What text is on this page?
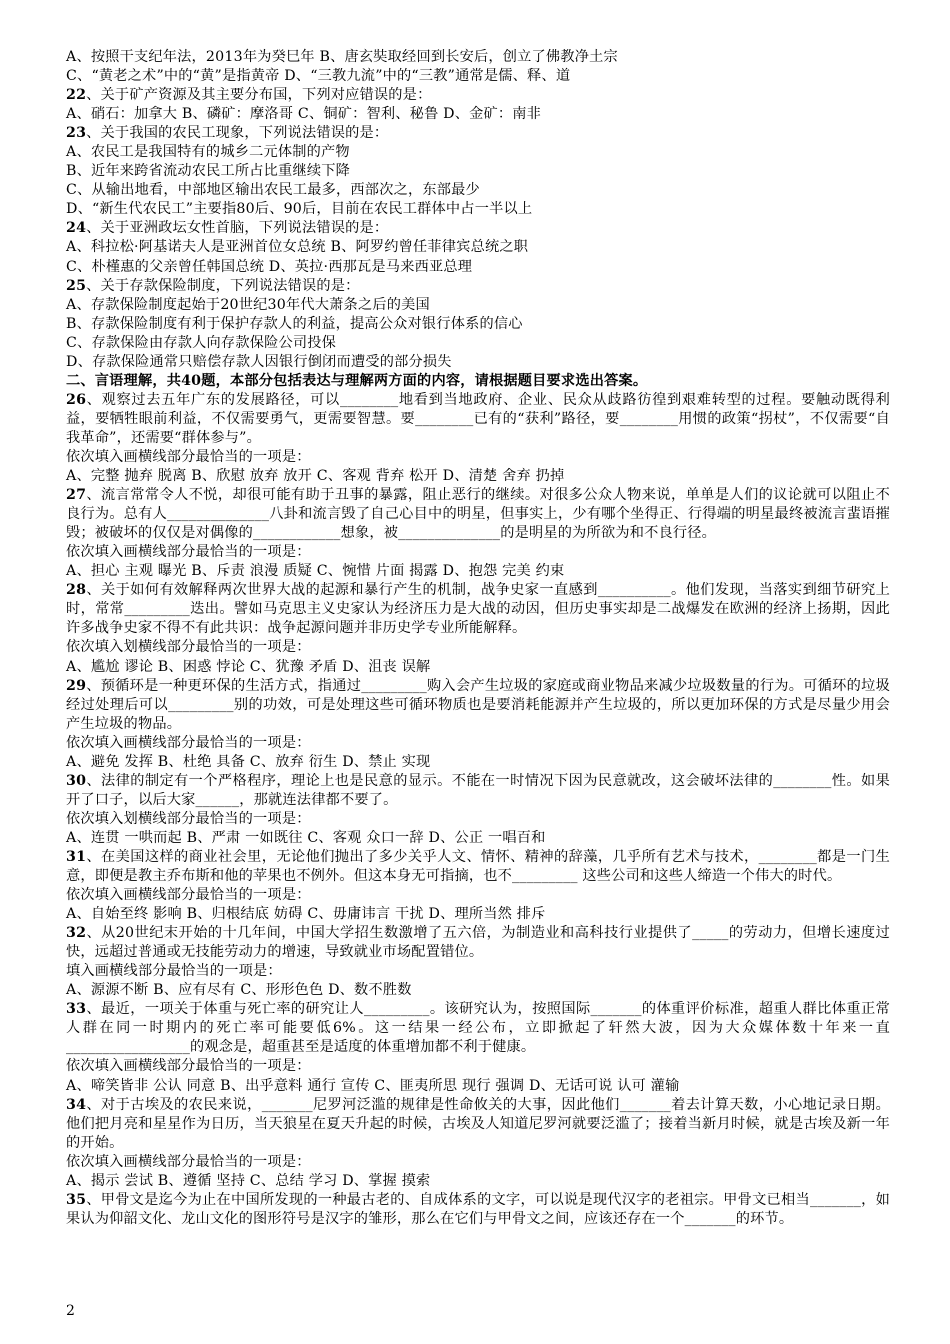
A、按照干支纪年法，2013年为癸巳年 B、唐玄奘取经回到长安后，创立了佛教净土宗
C、“黄老之术”中的“黄”是指黄帝 D、“三教九流”中的“三教”通常是儒、释、道
22、关于矿产资源及其主要分布国，下列对应错误的是：
A、硝石：加拿大 B、磷矿：摩洛哥 C、铜矿：智利、秘鲁 D、金矿：南非
23、关于我国的农民工现象，下列说法错误的是：
A、农民工是我国特有的城乡二元体制的产物
B、近年来跨省流动农民工所占比重继续下降
C、从输出地看，中部地区输出农民工最多，西部次之，东部最少
D、“新生代农民工”主要指80后、90后，目前在农民工群体中占一半以上
24、关于亚洲政坛女性首脑，下列说法错误的是：
A、科拉松·阿基诺夫人是亚洲首位女总统 B、阿罗约曾任菲律宾总统之职
C、朴槿惠的父亲曾任韩国总统 D、英拉·西那瓦是马来西亚总理
25、关于存款保险制度，下列说法错误的是：
A、存款保险制度起始于20世纪30年代大萧条之后的美国
B、存款保险制度有利于保护存款人的利益，提高公众对银行体系的信心
C、存款保险由存款人向存款保险公司投保
D、存款保险通常只赔偿存款人因银行倒闭而遭受的部分损失
二、言语理解，共40题，本部分包括表达与理解两方面的内容，请根据题目要求选出答案。
26、观察过去五年广东的发展路径，可以________地看到当地政府、企业、民众从歧路彷徨到艰难转型的过程。要触动既得利益，要牺牲眼前利益，不仅需要勇气，更需要智慧。要________已有的“获利”路径，要________用惯的政策“拐杖”，不仅需要“自我革命”，还需要“群体参与”。
依次填入画横线部分最恰当的一项是：
A、完整 抛弃 脱离 B、欣慰 放弃 放开 C、客观 背弃 松开 D、清楚 舍弃 扔掉
27、流言常常令人不悦，却很可能有助于丑事的暴露，阻止恶行的继续。对很多公众人物来说，单单是人们的议论就可以阻止不良行为。总有人______________八卦和流言毁了自己心目中的明星，但事实上，少有哪个坐得正、行得端的明星最终被流言蜚语摧毁；被破坏的仅仅是对偶像的____________想象，被______________的是明星的为所欲为和不良行径。
依次填入画横线部分最恰当的一项是：
A、担心 主观 曝光 B、斥责 浪漫 质疑 C、惋惜 片面 揭露 D、抱怨 完美 约束
28、关于如何有效解释两次世界大战的起源和暴行产生的机制，战争史家一直感到__________。他们发现，当落实到细节研究上时，常常_________迭出。譬如马克思主义史家认为经济压力是大战的动因，但历史事实却是二战爆发在欧洲的经济上扬期，因此许多战争史家不得不有此共识：战争起源问题并非历史学专业所能解释。
依次填入划横线部分最恰当的一项是：
A、尴尬 谬论 B、困惑 悖论 C、犹豫 矛盾 D、沮丧 误解
29、预循环是一种更环保的生活方式，指通过_________购入会产生垃圾的家庭或商业物品来减少垃圾数量的行为。可循环的垃圾经过处理后可以_________别的功效，可是处理这些可循环物质也是要消耗能源并产生垃圾的，所以更加环保的方式是尽量少用会产生垃圾的物品。
依次填入画横线部分最恰当的一项是：
A、避免 发挥 B、杜绝 具备 C、放弃 衍生 D、禁止 实现
30、法律的制定有一个严格程序，理论上也是民意的显示。不能在一时情况下因为民意就改，这会破坏法律的________性。如果开了口子，以后大家______，那就连法律都不要了。
依次填入划横线部分最恰当的一项是：
A、连贯 一哄而起 B、严肃 一如既往 C、客观 众口一辞 D、公正 一唱百和
31、在美国这样的商业社会里，无论他们抛出了多少关乎人文、情怀、精神的辞藻，几乎所有艺术与技术，________都是一门生意，即便是教主乔布斯和他的苹果也不例外。但这本身无可指摘，也不_________ 这些公司和这些人缔造一个伟大的时代。
依次填入画横线部分最恰当的一项是：
A、自始至终 影响 B、归根结底 妨碍 C、毋庸讳言 干扰 D、理所当然 排斥
32、从20世纪末开始的十几年间，中国大学招生数激增了五六倍，为制造业和高科技行业提供了_____的劳动力，但增长速度过快，远超过普通或无技能劳动力的增速，导致就业市场配置错位。
填入画横线部分最恰当的一项是：
A、源源不断 B、应有尽有 C、形形色色 D、数不胜数
33、最近，一项关于体重与死亡率的研究让人_________。该研究认为，按照国际_______的体重评价标准，超重人群比体重正常人群在同一时期内的死亡率可能要低6%。这一结果一经公布，立即掀起了轩然大波，因为大众媒体数十年来一直_________________的观念是，超重甚至是适度的体重增加都不利于健康。
依次填入画横线部分最恰当的一项是：
A、啼笑皆非 公认 同意 B、出乎意料 通行 宣传 C、匪夷所思 现行 强调 D、无话可说 认可 灌输
34、对于古埃及的农民来说，_______尼罗河泛滥的规律是性命攸关的大事，因此他们_______着去计算天数，小心地记录日期。他们把月亮和星星作为日历，当天狼星在夏天升起的时候，古埃及人知道尼罗河就要泛滥了；接着当新月时候，就是古埃及新一年的开始。
依次填入画横线部分最恰当的一项是：
A、揭示 尝试 B、遵循 坚持 C、总结 学习 D、掌握 摸索
35、甲骨文是迄今为止在中国所发现的一种最古老的、自成体系的文字，可以说是现代汉字的老祖宗。甲骨文已相当_______，如果认为仰韶文化、龙山文化的图形符号是汉字的雏形，那么在它们与甲骨文之间，应该还存在一个_______的环节。
2
